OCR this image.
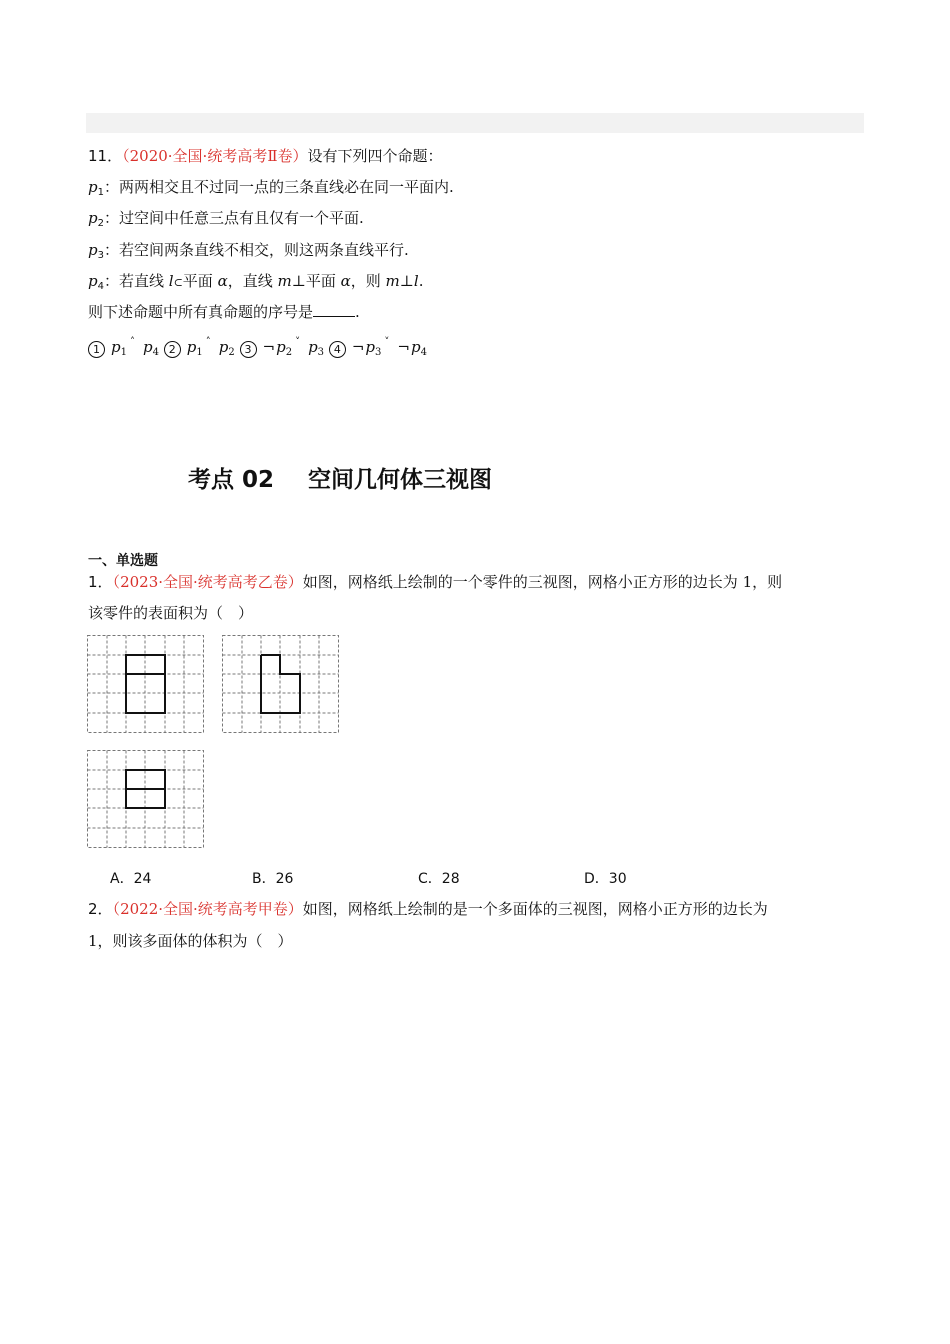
11．（2020·全国·统考高考Ⅱ卷）设有下列四个命题：
$p_1$：两两相交且不过同一点的三条直线必在同一平面内.
$p_2$：过空间中任意三点有且仅有一个平面.
$p_3$：若空间两条直线不相交，则这两条直线平行.
$p_4$：若直线 l⊂平面 α，直线 m⊥平面 α，则 m⊥l.
则下述命题中所有真命题的序号是	.
1 $p_1^˄$ $p_4$ 2 $p_1^˄$ $p_2$ 3 $\neg p_2^˅$ $p_3$ 4 $\neg p_3^˅$ $\neg p_4$
考点 02 空间几何体三视图
一、单选题
1．（2023·全国·统考高考乙卷）如图，网格纸上绘制的一个零件的三视图，网格小正方形的边长为 1，则
该零件的表面积为（　）
A．24	B．26	C．28	D．30
2．（2022·全国·统考高考甲卷）如图，网格纸上绘制的是一个多面体的三视图，网格小正方形的边长为
1，则该多面体的体积为（　）
